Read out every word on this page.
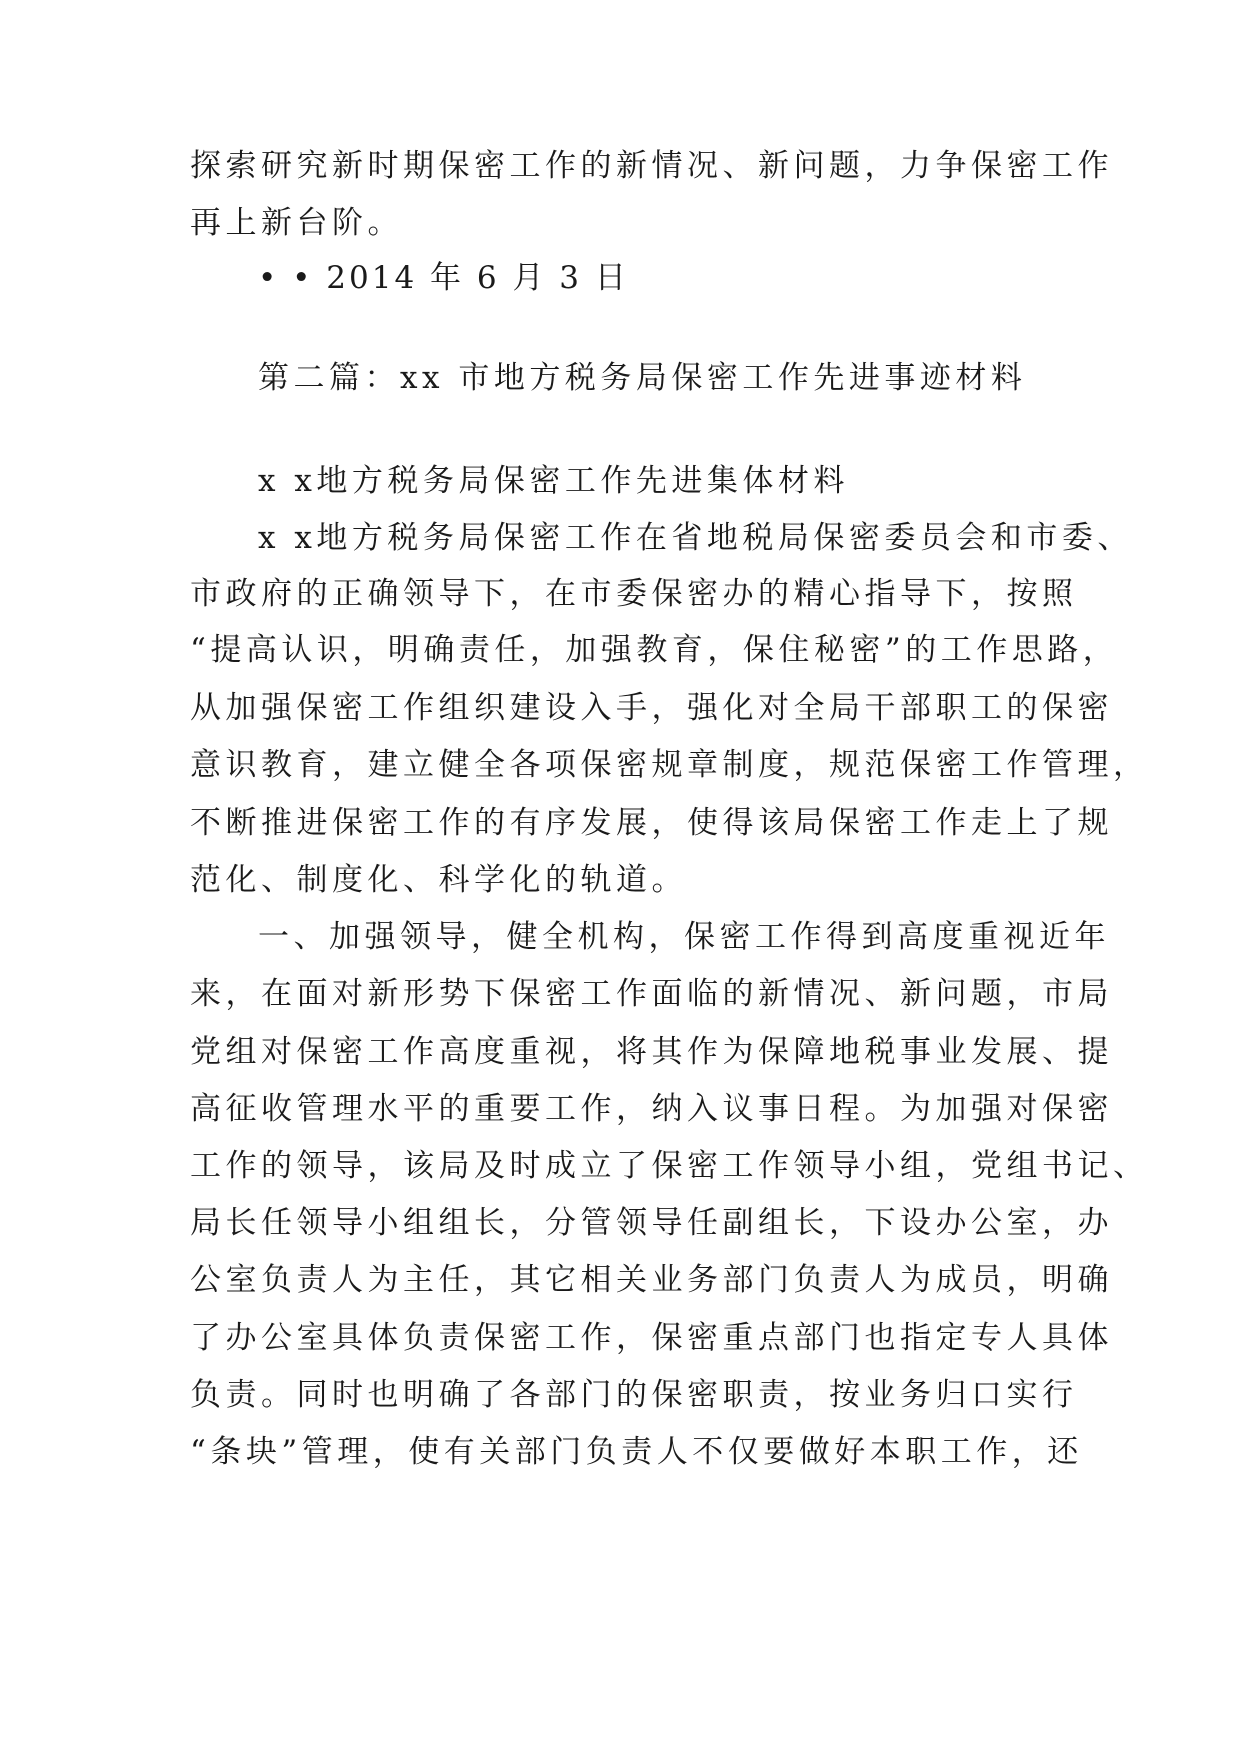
探索研究新时期保密工作的新情况、新问题，力争保密工作
再上新台阶。
• • 2014 年 6 月 3 日
第二篇：xx 市地方税务局保密工作先进事迹材料
x x地方税务局保密工作先进集体材料
x x地方税务局保密工作在省地税局保密委员会和市委、
市政府的正确领导下，在市委保密办的精心指导下，按照
“提高认识，明确责任，加强教育，保住秘密”的工作思路，
从加强保密工作组织建设入手，强化对全局干部职工的保密
意识教育，建立健全各项保密规章制度，规范保密工作管理，
不断推进保密工作的有序发展，使得该局保密工作走上了规
范化、制度化、科学化的轨道。
一、加强领导，健全机构，保密工作得到高度重视近年
来，在面对新形势下保密工作面临的新情况、新问题，市局
党组对保密工作高度重视，将其作为保障地税事业发展、提
高征收管理水平的重要工作，纳入议事日程。为加强对保密
工作的领导，该局及时成立了保密工作领导小组，党组书记、
局长任领导小组组长，分管领导任副组长，下设办公室，办
公室负责人为主任，其它相关业务部门负责人为成员，明确
了办公室具体负责保密工作，保密重点部门也指定专人具体
负责。同时也明确了各部门的保密职责，按业务归口实行
“条块”管理，使有关部门负责人不仅要做好本职工作，还
